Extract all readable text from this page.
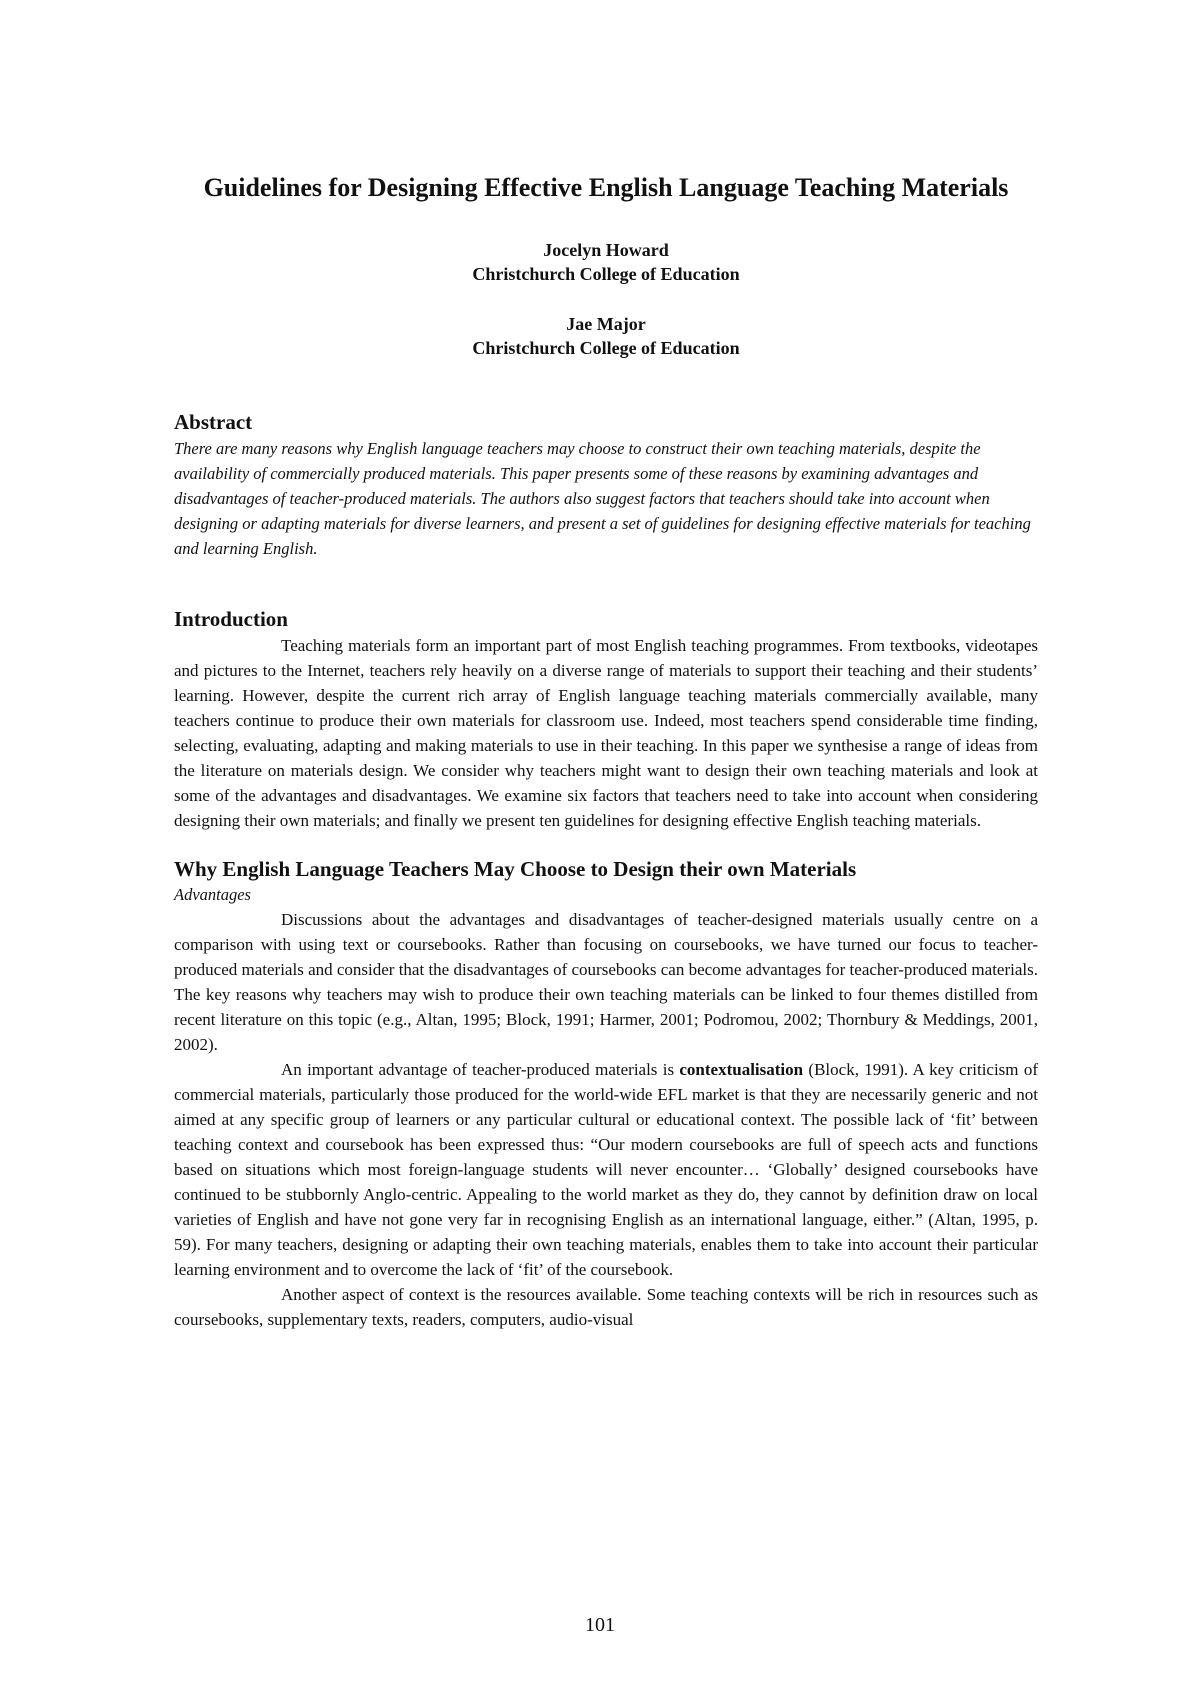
Guidelines for Designing Effective English Language Teaching Materials
Jocelyn Howard
Christchurch College of Education
Jae Major
Christchurch College of Education
Abstract

There are many reasons why English language teachers may choose to construct their own teaching materials, despite the availability of commercially produced materials. This paper presents some of these reasons by examining advantages and disadvantages of teacher-produced materials. The authors also suggest factors that teachers should take into account when designing or adapting materials for diverse learners, and present a set of guidelines for designing effective materials for teaching and learning English.

Introduction

Teaching materials form an important part of most English teaching programmes. From textbooks, videotapes and pictures to the Internet, teachers rely heavily on a diverse range of materials to support their teaching and their students’ learning. However, despite the current rich array of English language teaching materials commercially available, many teachers continue to produce their own materials for classroom use. Indeed, most teachers spend considerable time finding, selecting, evaluating, adapting and making materials to use in their teaching. In this paper we synthesise a range of ideas from the literature on materials design. We consider why teachers might want to design their own teaching materials and look at some of the advantages and disadvantages. We examine six factors that teachers need to take into account when considering designing their own materials; and finally we present ten guidelines for designing effective English teaching materials.

Why English Language Teachers May Choose to Design their own Materials
Advantages

Discussions about the advantages and disadvantages of teacher-designed materials usually centre on a comparison with using text or coursebooks. Rather than focusing on coursebooks, we have turned our focus to teacher-produced materials and consider that the disadvantages of coursebooks can become advantages for teacher-produced materials. The key reasons why teachers may wish to produce their own teaching materials can be linked to four themes distilled from recent literature on this topic (e.g., Altan, 1995; Block, 1991; Harmer, 2001; Podromou, 2002; Thornbury & Meddings, 2001, 2002).

An important advantage of teacher-produced materials is contextualisation (Block, 1991). A key criticism of commercial materials, particularly those produced for the world-wide EFL market is that they are necessarily generic and not aimed at any specific group of learners or any particular cultural or educational context. The possible lack of ‘fit’ between teaching context and coursebook has been expressed thus: “Our modern coursebooks are full of speech acts and functions based on situations which most foreign-language students will never encounter… ‘Globally’ designed coursebooks have continued to be stubbornly Anglo-centric. Appealing to the world market as they do, they cannot by definition draw on local varieties of English and have not gone very far in recognising English as an international language, either.” (Altan, 1995, p. 59). For many teachers, designing or adapting their own teaching materials, enables them to take into account their particular learning environment and to overcome the lack of ‘fit’ of the coursebook.

Another aspect of context is the resources available. Some teaching contexts will be rich in resources such as coursebooks, supplementary texts, readers, computers, audio-visual

101
